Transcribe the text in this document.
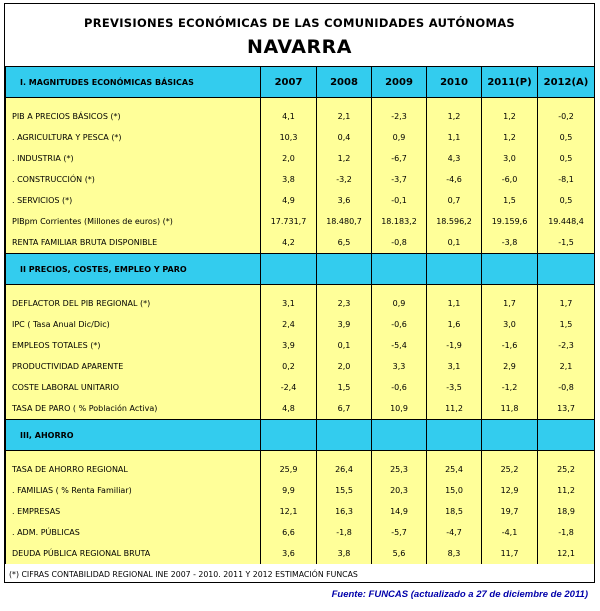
PREVISIONES ECONÓMICAS DE LAS COMUNIDADES AUTÓNOMAS
NAVARRA
I. MAGNITUDES ECONÓMICAS BÁSICAS	2007	2008	2009	2010	2011(P)	2012(A)

PIB A PRECIOS BÁSICOS (*)	4,1	2,1	-2,3	1,2	1,2	-0,2
. AGRICULTURA Y PESCA (*)	10,3	0,4	0,9	1,1	1,2	0,5
. INDUSTRIA (*)	2,0	1,2	-6,7	4,3	3,0	0,5
. CONSTRUCCIÓN (*)	3,8	-3,2	-3,7	-4,6	-6,0	-8,1
. SERVICIOS (*)	4,9	3,6	-0,1	0,7	1,5	0,5
PIBpm Corrientes (Millones de euros) (*)	17.731,7	18.480,7	18.183,2	18.596,2	19.159,6	19.448,4
RENTA FAMILIAR BRUTA DISPONIBLE	4,2	6,5	-0,8	0,1	-3,8	-1,5
II PRECIOS, COSTES, EMPLEO Y PARO						

DEFLACTOR DEL PIB REGIONAL (*)	3,1	2,3	0,9	1,1	1,7	1,7
IPC ( Tasa Anual Dic/Dic)	2,4	3,9	-0,6	1,6	3,0	1,5
EMPLEOS TOTALES (*)	3,9	0,1	-5,4	-1,9	-1,6	-2,3
PRODUCTIVIDAD APARENTE	0,2	2,0	3,3	3,1	2,9	2,1
COSTE LABORAL UNITARIO	-2,4	1,5	-0,6	-3,5	-1,2	-0,8
TASA DE PARO ( % Población Activa)	4,8	6,7	10,9	11,2	11,8	13,7
III, AHORRO						

TASA DE AHORRO REGIONAL	25,9	26,4	25,3	25,4	25,2	25,2
. FAMILIAS ( % Renta Familiar)	9,9	15,5	20,3	15,0	12,9	11,2
. EMPRESAS	12,1	16,3	14,9	18,5	19,7	18,9
. ADM. PÚBLICAS	6,6	-1,8	-5,7	-4,7	-4,1	-1,8
DEUDA PÚBLICA REGIONAL BRUTA	3,6	3,8	5,6	8,3	11,7	12,1
(*) CIFRAS CONTABILIDAD REGIONAL INE 2007 - 2010. 2011 Y 2012 ESTIMACIÓN FUNCAS
Fuente: FUNCAS (actualizado a 27 de diciembre de 2011)
